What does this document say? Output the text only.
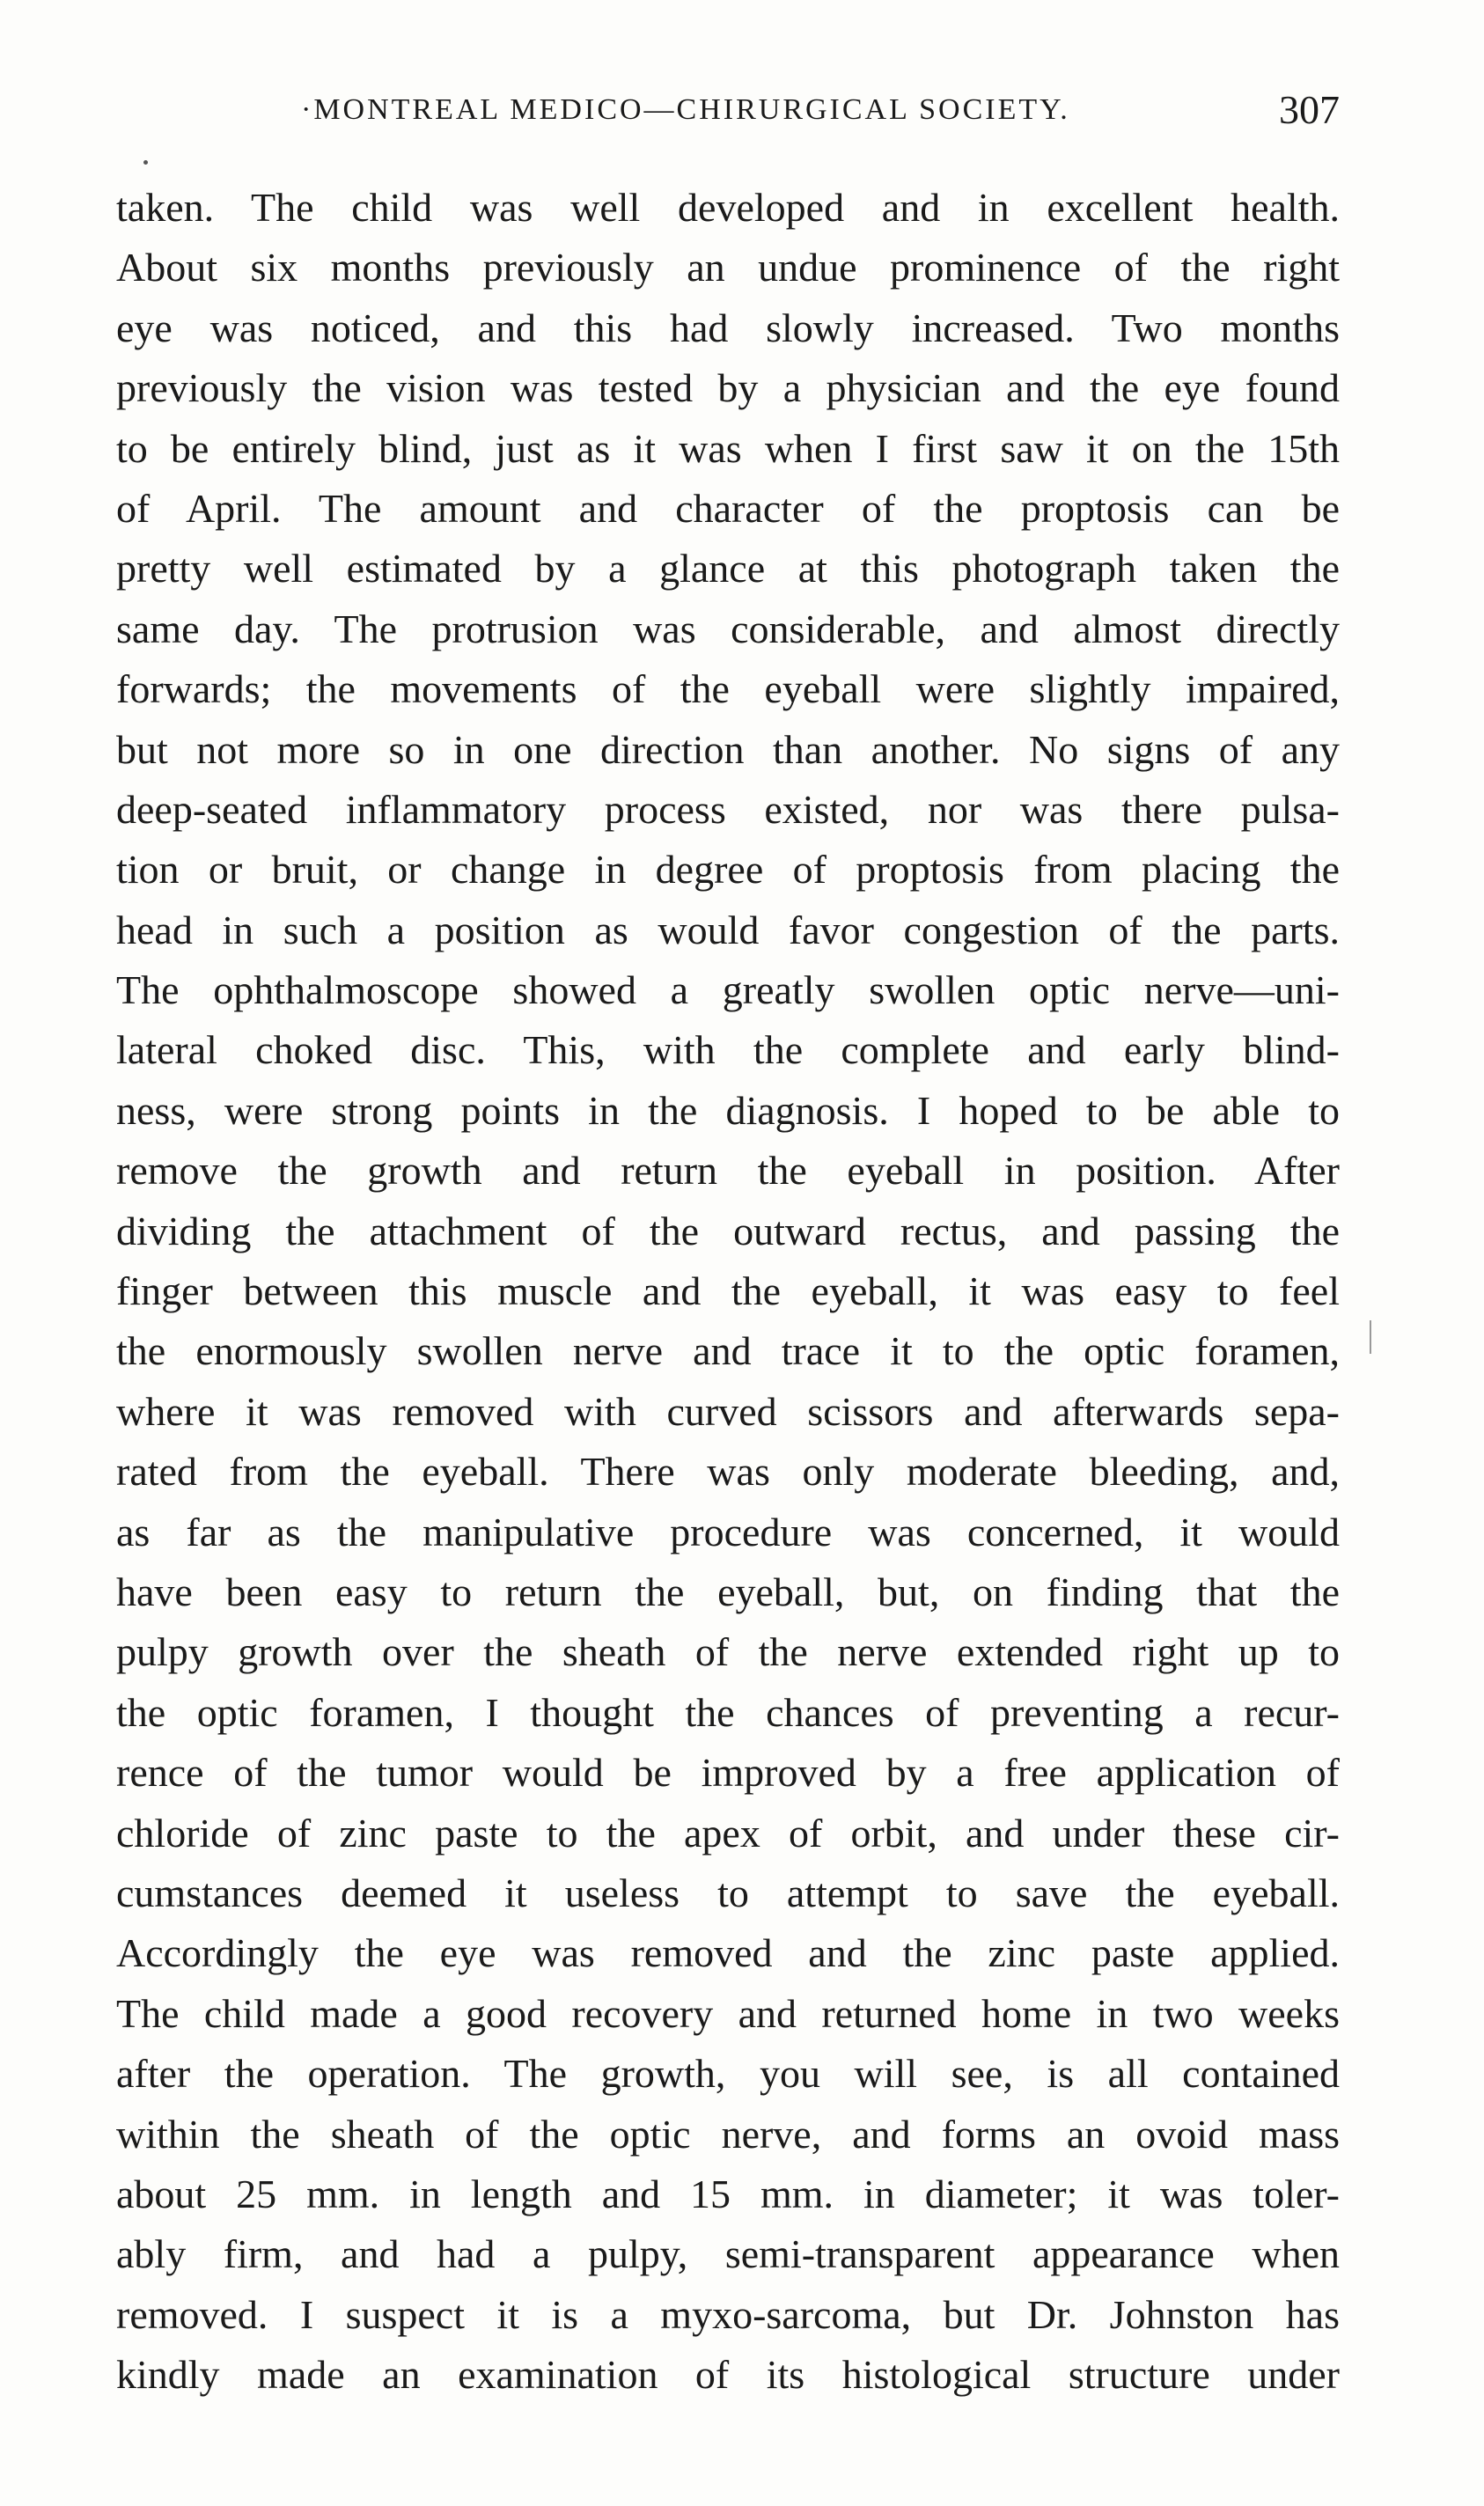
·MONTREAL MEDICO—CHIRURGICAL SOCIETY.	307
taken. The child was well developed and in excellent health.
About six months previously an undue prominence of the right
eye was noticed, and this had slowly increased. Two months
previously the vision was tested by a physician and the eye found
to be entirely blind, just as it was when I first saw it on the 15th
of April. The amount and character of the proptosis can be
pretty well estimated by a glance at this photograph taken the
same day. The protrusion was considerable, and almost directly
forwards; the movements of the eyeball were slightly impaired,
but not more so in one direction than another. No signs of any
deep-seated inflammatory process existed, nor was there pulsa-
tion or bruit, or change in degree of proptosis from placing the
head in such a position as would favor congestion of the parts.
The ophthalmoscope showed a greatly swollen optic nerve—uni-
lateral choked disc. This, with the complete and early blind-
ness, were strong points in the diagnosis. I hoped to be able to
remove the growth and return the eyeball in position. After
dividing the attachment of the outward rectus, and passing the
finger between this muscle and the eyeball, it was easy to feel
the enormously swollen nerve and trace it to the optic foramen,
where it was removed with curved scissors and afterwards sepa-
rated from the eyeball. There was only moderate bleeding, and,
as far as the manipulative procedure was concerned, it would
have been easy to return the eyeball, but, on finding that the
pulpy growth over the sheath of the nerve extended right up to
the optic foramen, I thought the chances of preventing a recur-
rence of the tumor would be improved by a free application of
chloride of zinc paste to the apex of orbit, and under these cir-
cumstances deemed it useless to attempt to save the eyeball.
Accordingly the eye was removed and the zinc paste applied.
The child made a good recovery and returned home in two weeks
after the operation. The growth, you will see, is all contained
within the sheath of the optic nerve, and forms an ovoid mass
about 25 mm. in length and 15 mm. in diameter; it was toler-
ably firm, and had a pulpy, semi-transparent appearance when
removed. I suspect it is a myxo-sarcoma, but Dr. Johnston has
kindly made an examination of its histological structure under
